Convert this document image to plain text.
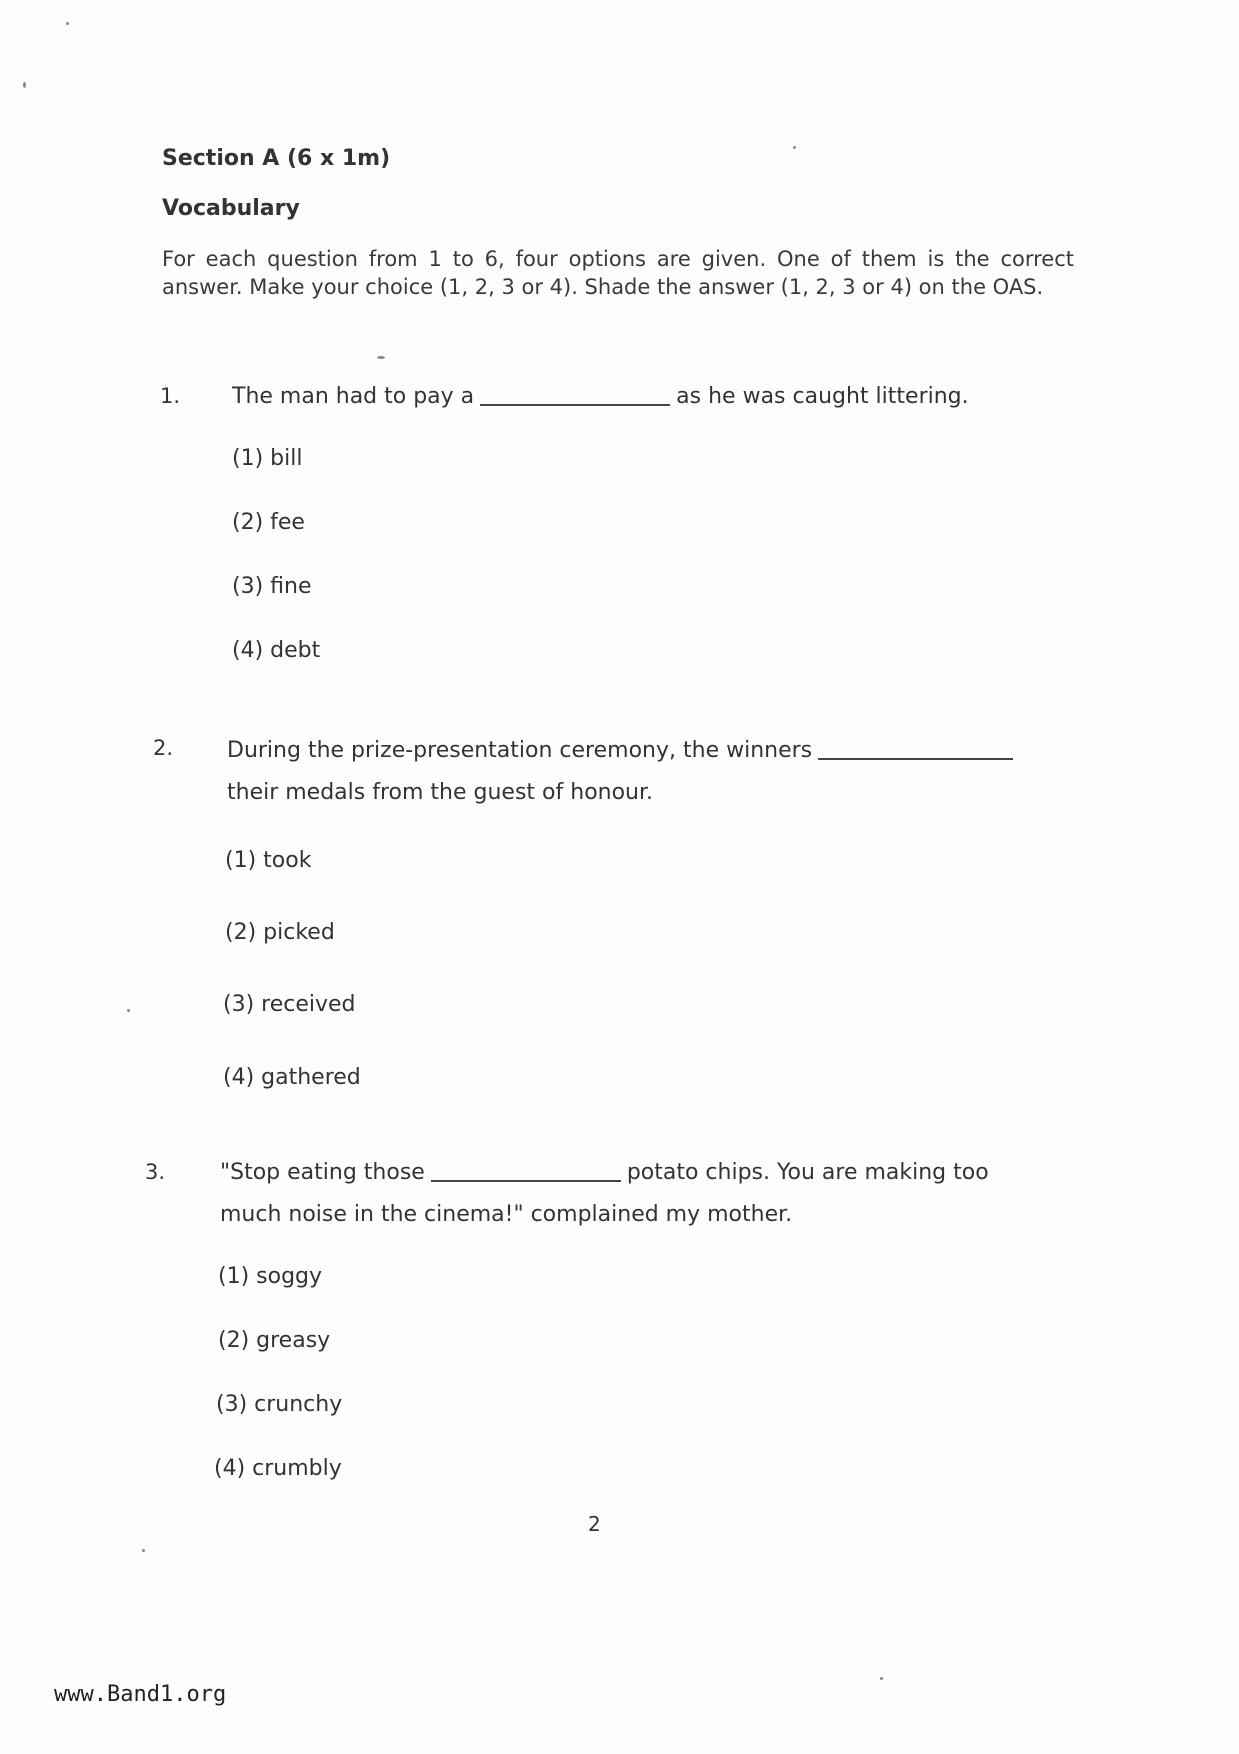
Section A (6 x 1m)
Vocabulary
For each question from 1 to 6, four options are given. One of them is the correct answer. Make your choice (1, 2, 3 or 4). Shade the answer (1, 2, 3 or 4) on the OAS.
1. The man had to pay a	as he was caught littering.
(1) bill
(2) fee
(3) fine
(4) debt
2. During the prize-presentation ceremony, the winners
their medals from the guest of honour.
(1) took
(2) picked
(3) received
(4) gathered
3. "Stop eating those	potato chips. You are making too
much noise in the cinema!" complained my mother.
(1) soggy
(2) greasy
(3) crunchy
(4) crumbly
2
www.Band1.org
